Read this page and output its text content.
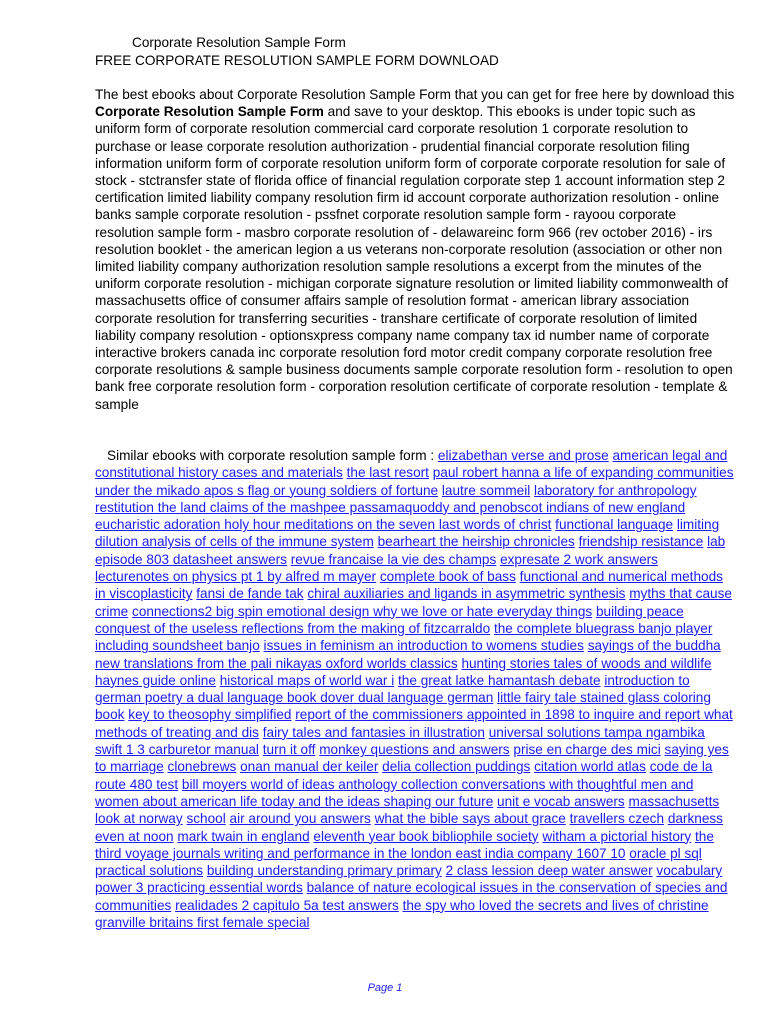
Corporate Resolution Sample FormFREE CORPORATE RESOLUTION SAMPLE FORM DOWNLOAD

The best ebooks about Corporate Resolution Sample Form that you can get for free here by download this Corporate Resolution Sample Form and save to your desktop. This ebooks is under topic such as uniform form of corporate resolution commercial card corporate resolution 1 corporate resolution to purchase or lease corporate resolution authorization - prudential financial corporate resolution filing information uniform form of corporate resolution uniform form of corporate corporate resolution for sale of stock - stctransfer state of florida office of financial regulation corporate step 1 account information step 2 certification limited liability company resolution firm id account corporate authorization resolution - online banks sample corporate resolution - pssfnet corporate resolution sample form - rayoou corporate resolution sample form - masbro corporate resolution of - delawareinc form 966 (rev october 2016) - irs resolution booklet - the american legion a us veterans non-corporate resolution (association or other non limited liability company authorization resolution sample resolutions a excerpt from the minutes of the uniform corporate resolution - michigan corporate signature resolution or limited liability commonwealth of massachusetts office of consumer affairs sample of resolution format - american library association corporate resolution for transferring securities - transhare certificate of corporate resolution of limited liability company resolution - optionsxpress company name company tax id number name of corporate interactive brokers canada inc corporate resolution ford motor credit company corporate resolution free corporate resolutions & sample business documents sample corporate resolution form - resolution to open bank free corporate resolution form - corporation resolution certificate of corporate resolution - template & sample

Similar ebooks with corporate resolution sample form : elizabethan verse and prose american legal and constitutional history cases and materials the last resort paul robert hanna a life of expanding communities under the mikado apos s flag or young soldiers of fortune lautre sommeil laboratory for anthropology restitution the land claims of the mashpee passamaquoddy and penobscot indians of new england eucharistic adoration holy hour meditations on the seven last words of christ functional language limiting dilution analysis of cells of the immune system bearheart the heirship chronicles friendship resistance lab episode 803 datasheet answers revue francaise la vie des champs expresate 2 work answers lecturenotes on physics pt 1 by alfred m mayer complete book of bass functional and numerical methods in viscoplasticity fansi de fande tak chiral auxiliaries and ligands in asymmetric synthesis myths that cause crime connections2 big spin emotional design why we love or hate everyday things building peace conquest of the useless reflections from the making of fitzcarraldo the complete bluegrass banjo player including soundsheet banjo issues in feminism an introduction to womens studies sayings of the buddha new translations from the pali nikayas oxford worlds classics hunting stories tales of woods and wildlife haynes guide online historical maps of world war i the great latke hamantash debate introduction to german poetry a dual language book dover dual language german little fairy tale stained glass coloring book key to theosophy simplified report of the commissioners appointed in 1898 to inquire and report what methods of treating and dis fairy tales and fantasies in illustration universal solutions tampa ngambika swift 1 3 carburetor manual turn it off monkey questions and answers prise en charge des mici saying yes to marriage clonebrews onan manual der keiler delia collection puddings citation world atlas code de la route 480 test bill moyers world of ideas anthology collection conversations with thoughtful men and women about american life today and the ideas shaping our future unit e vocab answers massachusetts look at norway school air around you answers what the bible says about grace travellers czech darkness even at noon mark twain in england eleventh year book bibliophile society witham a pictorial history the third voyage journals writing and performance in the london east india company 1607 10 oracle pl sql practical solutions building understanding primary primary 2 class lession deep water answer vocabulary power 3 practicing essential words balance of nature ecological issues in the conservation of species and communities realidades 2 capitulo 5a test answers the spy who loved the secrets and lives of christine granville britains first female special

Page 1
